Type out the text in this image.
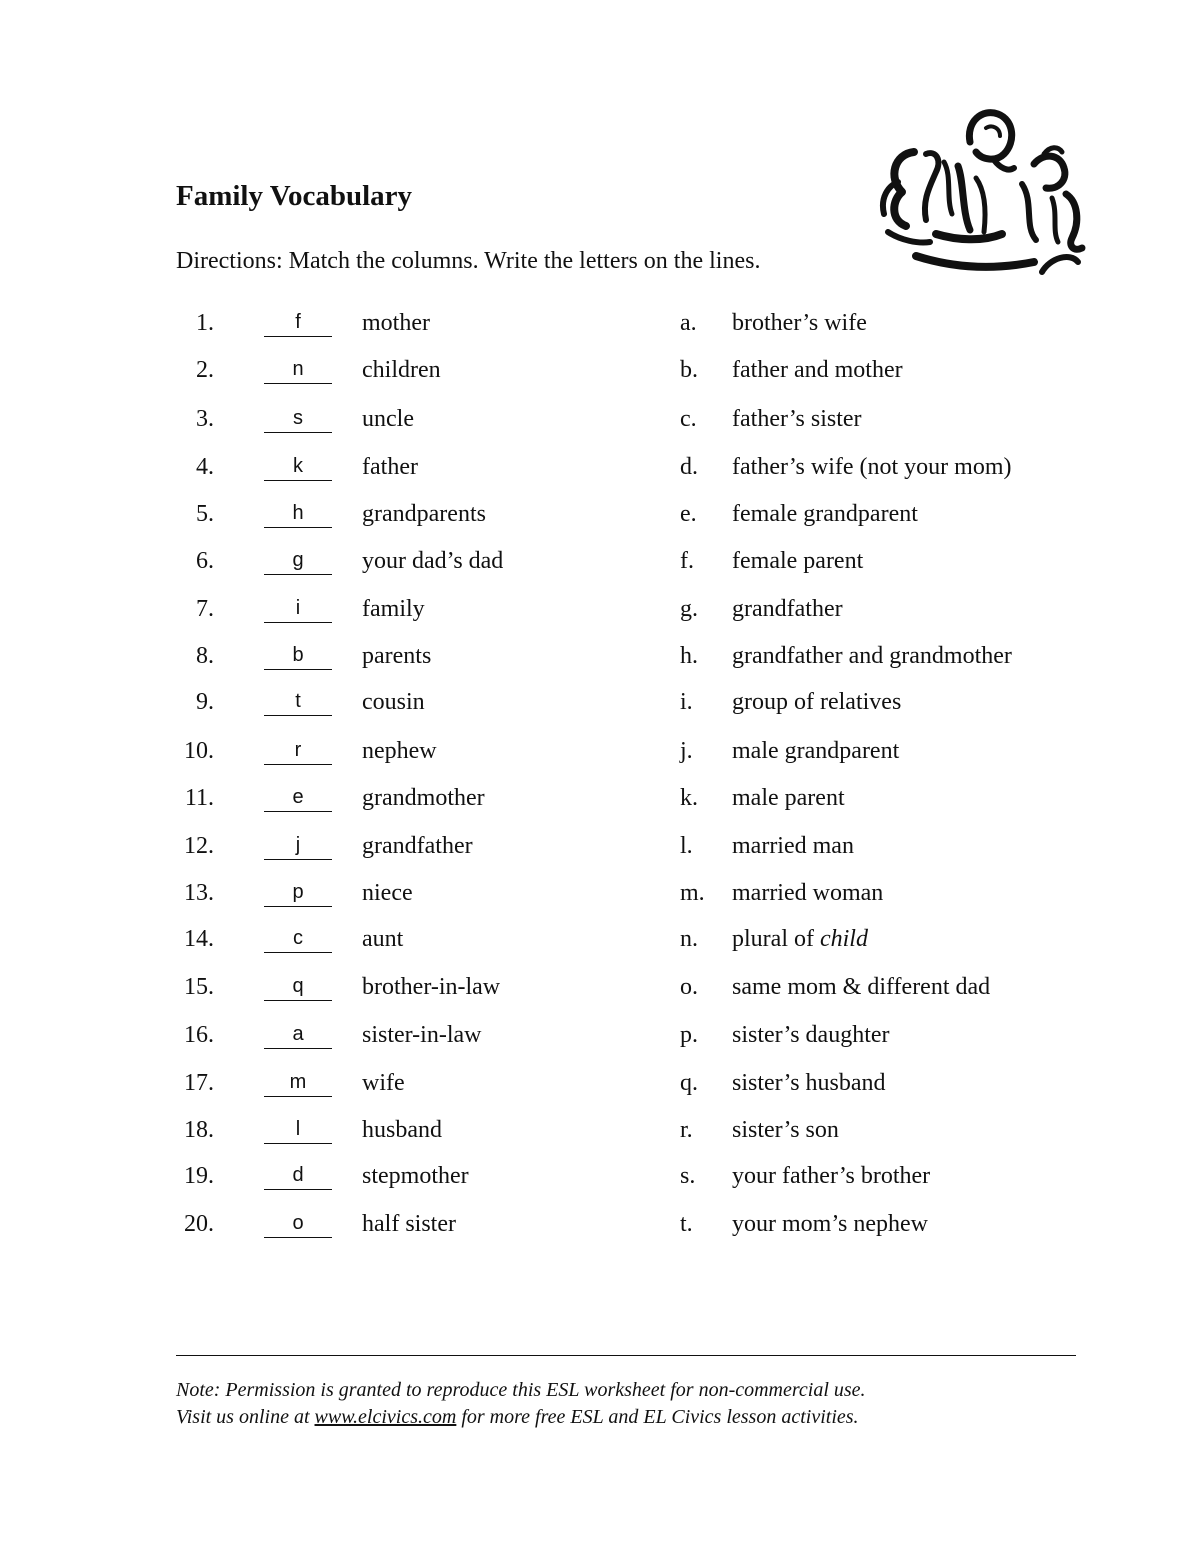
Family Vocabulary
Directions: Match the columns. Write the letters on the lines.
1.	f	mother	a. brother’s wife
2.	n	children	b. father and mother
3.	s	uncle	c. father’s sister
4.	k	father	d. father’s wife (not your mom)
5.	h	grandparents	e. female grandparent
6.	g	your dad’s dad	f. female parent
7.	i	family	g. grandfather
8.	b	parents	h. grandfather and grandmother
9.	t	cousin	i. group of relatives
10.	r	nephew	j. male grandparent
11.	e	grandmother	k. male parent
12.	j	grandfather	l. married man
13.	p	niece	m. married woman
14.	c	aunt	n. plural of child
15.	q	brother-in-law	o. same mom & different dad
16.	a	sister-in-law	p. sister’s daughter
17.	m	wife	q. sister’s husband
18.	l	husband	r. sister’s son
19.	d	stepmother	s. your father’s brother
20.	o	half sister	t. your mom’s nephew
Note: Permission is granted to reproduce this ESL worksheet for non-commercial use.
Visit us online at www.elcivics.com for more free ESL and EL Civics lesson activities.
